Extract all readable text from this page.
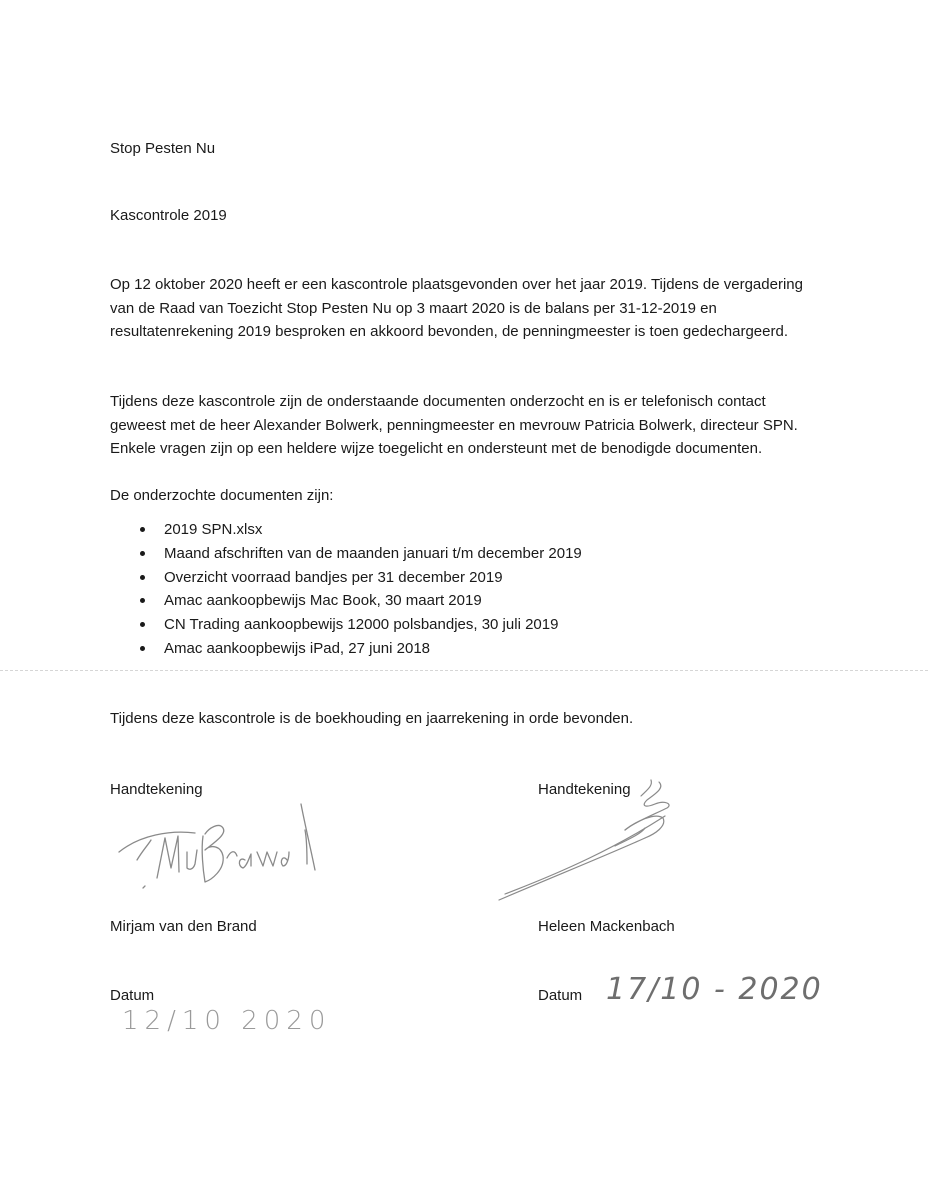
Stop Pesten Nu
Kascontrole 2019

Op 12 oktober 2020 heeft er een kascontrole plaatsgevonden over het jaar 2019. Tijdens de vergadering van de Raad van Toezicht Stop Pesten Nu op 3 maart 2020 is de balans per 31-12-2019 en resultatenrekening 2019 besproken en akkoord bevonden, de penningmeester is toen gedechargeerd.

Tijdens deze kascontrole zijn de onderstaande documenten onderzocht en is er telefonisch contact geweest met de heer Alexander Bolwerk, penningmeester en mevrouw Patricia Bolwerk, directeur SPN. Enkele vragen zijn op een heldere wijze toegelicht en ondersteunt met de benodigde documenten.

De onderzochte documenten zijn:
2019 SPN.xlsx
Maand afschriften van de maanden januari t/m december 2019
Overzicht voorraad bandjes per 31 december 2019
Amac aankoopbewijs Mac Book, 30 maart 2019
CN Trading aankoopbewijs 12000 polsbandjes, 30 juli 2019
Amac aankoopbewijs iPad, 27 juni 2018
Tijdens deze kascontrole is de boekhouding en jaarrekening in orde bevonden.
Handtekening
Mirjam van den Brand
Datum
12/10 2020
Handtekening
Heleen Mackenbach
Datum 17/10 - 2020
